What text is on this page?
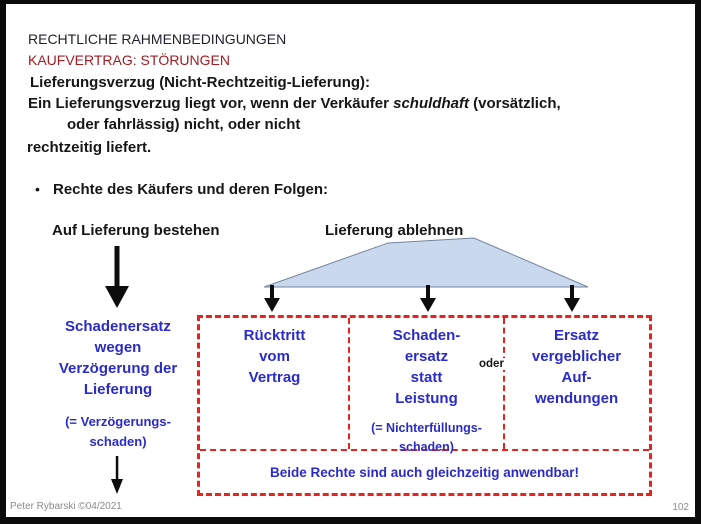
RECHTLICHE RAHMENBEDINGUNGEN
KAUFVERTRAG: STÖRUNGEN
Lieferungsverzug (Nicht-Rechtzeitig-Lieferung):
Ein Lieferungsverzug liegt vor, wenn der Verkäufer schuldhaft (vorsätzlich,
oder fahrlässig) nicht, oder nicht
rechtzeitig liefert.
• Rechte des Käufers und deren Folgen:
Auf Lieferung bestehen	Lieferung ablehnen
Schadenersatz
wegen
Verzögerung der
Lieferung
(= Verzögerungs-
schaden)
Rücktritt
vom
Vertrag
Schaden-
ersatz
statt
Leistung
(= Nichterfüllungs-
schaden)
oder
Ersatz
vergeblicher
Auf-
wendungen
Beide Rechte sind auch gleichzeitig anwendbar!
Peter Rybarski ©04/2021	102
